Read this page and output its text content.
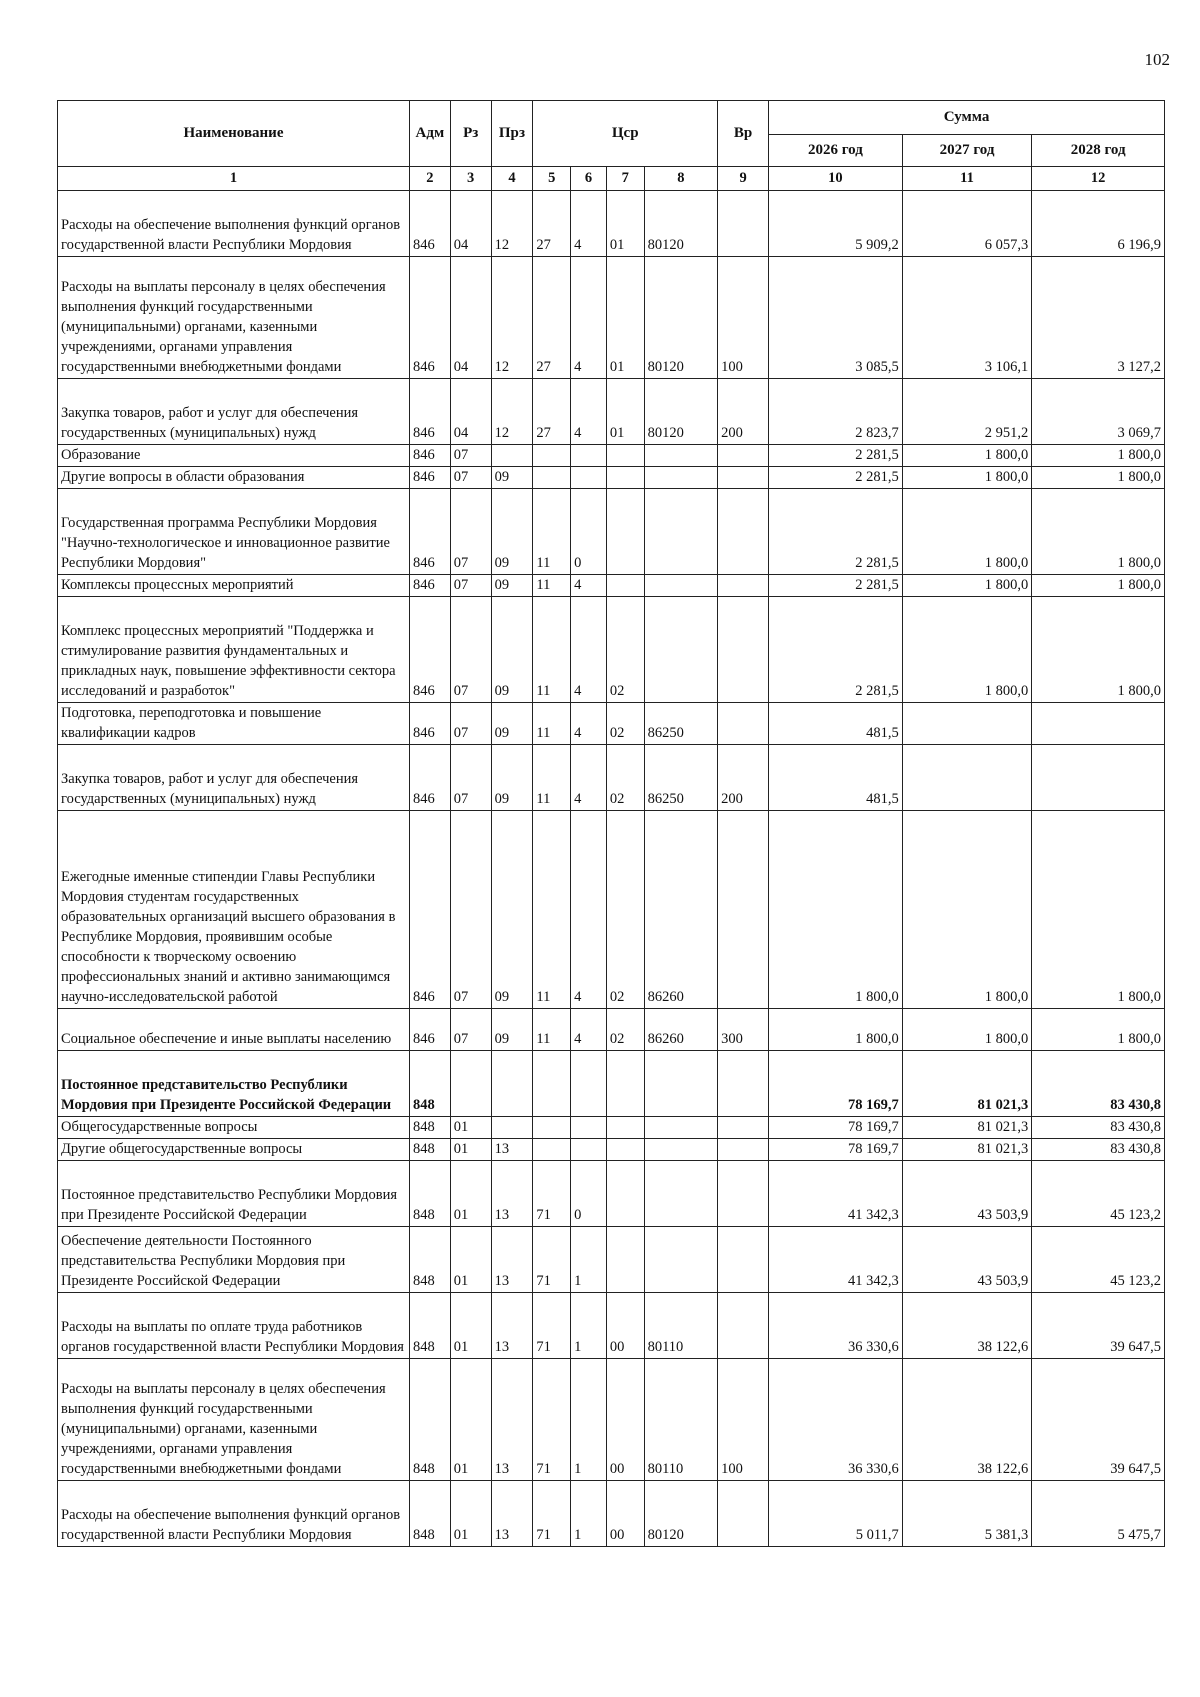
102
Наименование	Адм	Рз	Прз	Цср				Вр	Сумма		
									2026 год	2027 год	2028 год
1	2	3	4	5	6	7	8	9	10	11	12
Расходы на обеспечение выполнения функций органов государственной власти Республики Мордовия	846	04	12	27	4	01	80120		5 909,2	6 057,3	6 196,9
Расходы на выплаты персоналу в целях обеспечения выполнения функций государственными (муниципальными) органами, казенными учреждениями, органами управления государственными внебюджетными фондами	846	04	12	27	4	01	80120	100	3 085,5	3 106,1	3 127,2
Закупка товаров, работ и услуг для обеспечения государственных (муниципальных) нужд	846	04	12	27	4	01	80120	200	2 823,7	2 951,2	3 069,7
Образование	846	07							2 281,5	1 800,0	1 800,0
Другие вопросы в области образования	846	07	09						2 281,5	1 800,0	1 800,0
Государственная программа Республики Мордовия "Научно-технологическое и инновационное развитие Республики Мордовия"	846	07	09	11	0				2 281,5	1 800,0	1 800,0
Комплексы процессных мероприятий	846	07	09	11	4				2 281,5	1 800,0	1 800,0
Комплекс процессных мероприятий "Поддержка и стимулирование развития фундаментальных и прикладных наук, повышение эффективности сектора исследований и разработок"	846	07	09	11	4	02			2 281,5	1 800,0	1 800,0
Подготовка, переподготовка и повышение квалификации кадров	846	07	09	11	4	02	86250		481,5		
Закупка товаров, работ и услуг для обеспечения государственных (муниципальных) нужд	846	07	09	11	4	02	86250	200	481,5		
Ежегодные именные стипендии Главы Республики Мордовия студентам государственных образовательных организаций высшего образования в Республике Мордовия, проявившим особые способности к творческому освоению профессиональных знаний и активно занимающимся научно-исследовательской работой	846	07	09	11	4	02	86260		1 800,0	1 800,0	1 800,0
Социальное обеспечение и иные выплаты населению	846	07	09	11	4	02	86260	300	1 800,0	1 800,0	1 800,0
Постоянное представительство Республики Мордовия при Президенте Российской Федерации	848								78 169,7	81 021,3	83 430,8
Общегосударственные вопросы	848	01							78 169,7	81 021,3	83 430,8
Другие общегосударственные вопросы	848	01	13						78 169,7	81 021,3	83 430,8
Постоянное представительство Республики Мордовия при Президенте Российской Федерации	848	01	13	71	0				41 342,3	43 503,9	45 123,2
Обеспечение деятельности Постоянного представительства Республики Мордовия при Президенте Российской Федерации	848	01	13	71	1				41 342,3	43 503,9	45 123,2
Расходы на выплаты по оплате труда работников органов государственной власти Республики Мордовия	848	01	13	71	1	00	80110		36 330,6	38 122,6	39 647,5
Расходы на выплаты персоналу в целях обеспечения выполнения функций государственными (муниципальными) органами, казенными учреждениями, органами управления государственными внебюджетными фондами	848	01	13	71	1	00	80110	100	36 330,6	38 122,6	39 647,5
Расходы на обеспечение выполнения функций органов государственной власти Республики Мордовия	848	01	13	71	1	00	80120		5 011,7	5 381,3	5 475,7
